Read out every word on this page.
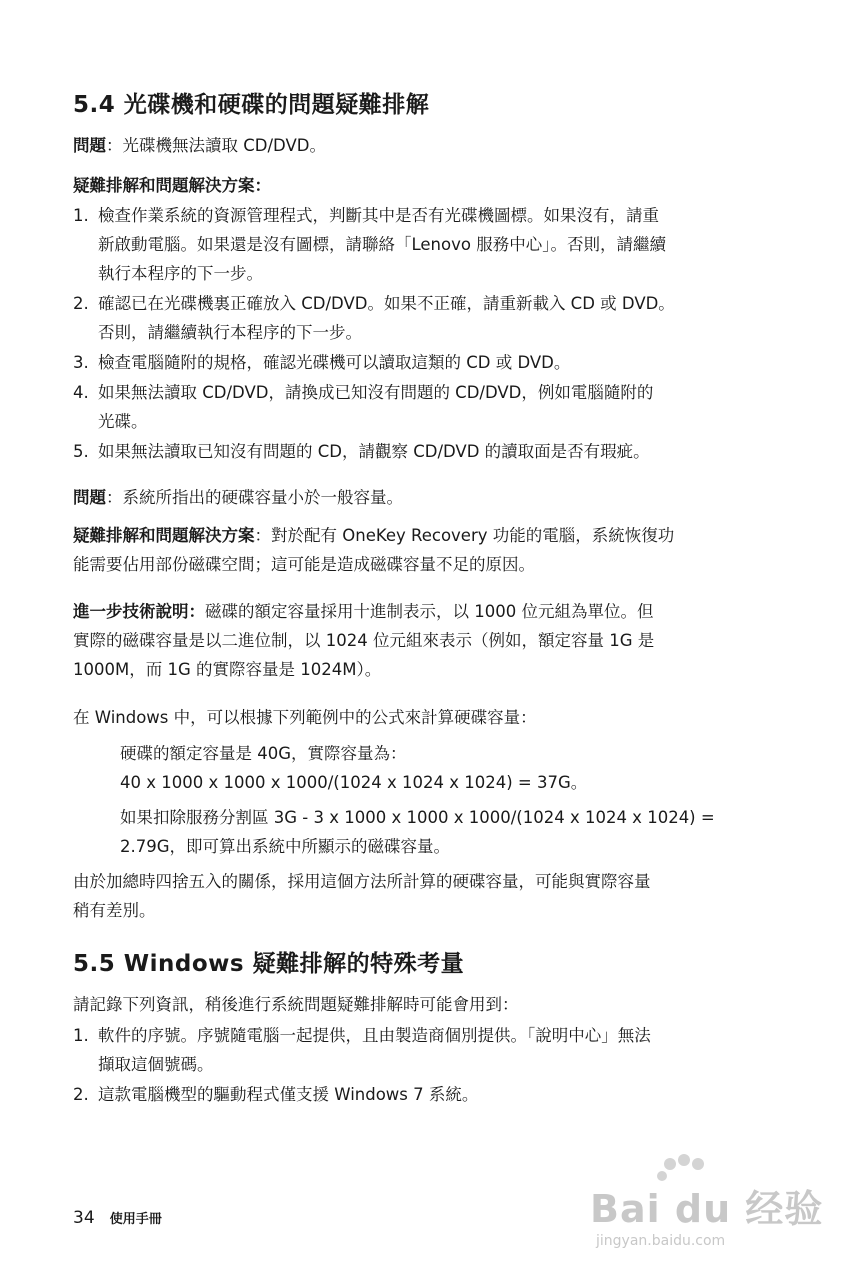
5.4 光碟機和硬碟的問題疑難排解
問題：光碟機無法讀取 CD/DVD。
疑難排解和問題解決方案：
1. 檢查作業系統的資源管理程式，判斷其中是否有光碟機圖標。如果沒有，請重
新啟動電腦。如果還是沒有圖標，請聯絡「Lenovo 服務中心」。否則，請繼續
執行本程序的下一步。
2. 確認已在光碟機裏正確放入 CD/DVD。如果不正確，請重新載入 CD 或 DVD。
否則，請繼續執行本程序的下一步。
3. 檢查電腦隨附的規格，確認光碟機可以讀取這類的 CD 或 DVD。
4. 如果無法讀取 CD/DVD，請換成已知沒有問題的 CD/DVD，例如電腦隨附的
光碟。
5. 如果無法讀取已知沒有問題的 CD，請觀察 CD/DVD 的讀取面是否有瑕疵。
問題：系統所指出的硬碟容量小於一般容量。
疑難排解和問題解決方案：對於配有 OneKey Recovery 功能的電腦，系統恢復功
能需要佔用部份磁碟空間；這可能是造成磁碟容量不足的原因。
進一步技術說明：磁碟的額定容量採用十進制表示，以 1000 位元組為單位。但
實際的磁碟容量是以二進位制，以 1024 位元組來表示（例如，額定容量 1G 是
1000M，而 1G 的實際容量是 1024M）。
在 Windows 中，可以根據下列範例中的公式來計算硬碟容量：
硬碟的額定容量是 40G，實際容量為：
40 x 1000 x 1000 x 1000/(1024 x 1024 x 1024) = 37G。
如果扣除服務分割區 3G - 3 x 1000 x 1000 x 1000/(1024 x 1024 x 1024) =
2.79G，即可算出系統中所顯示的磁碟容量。
由於加總時四捨五入的關係，採用這個方法所計算的硬碟容量，可能與實際容量
稍有差別。
5.5 Windows 疑難排解的特殊考量
請記錄下列資訊，稍後進行系統問題疑難排解時可能會用到：
1. 軟件的序號。序號隨電腦一起提供，且由製造商個別提供。「說明中心」無法
擷取這個號碼。
2. 這款電腦機型的驅動程式僅支援 Windows 7 系統。
34 使用手冊	Bai du 经验
jingyan.baidu.com
